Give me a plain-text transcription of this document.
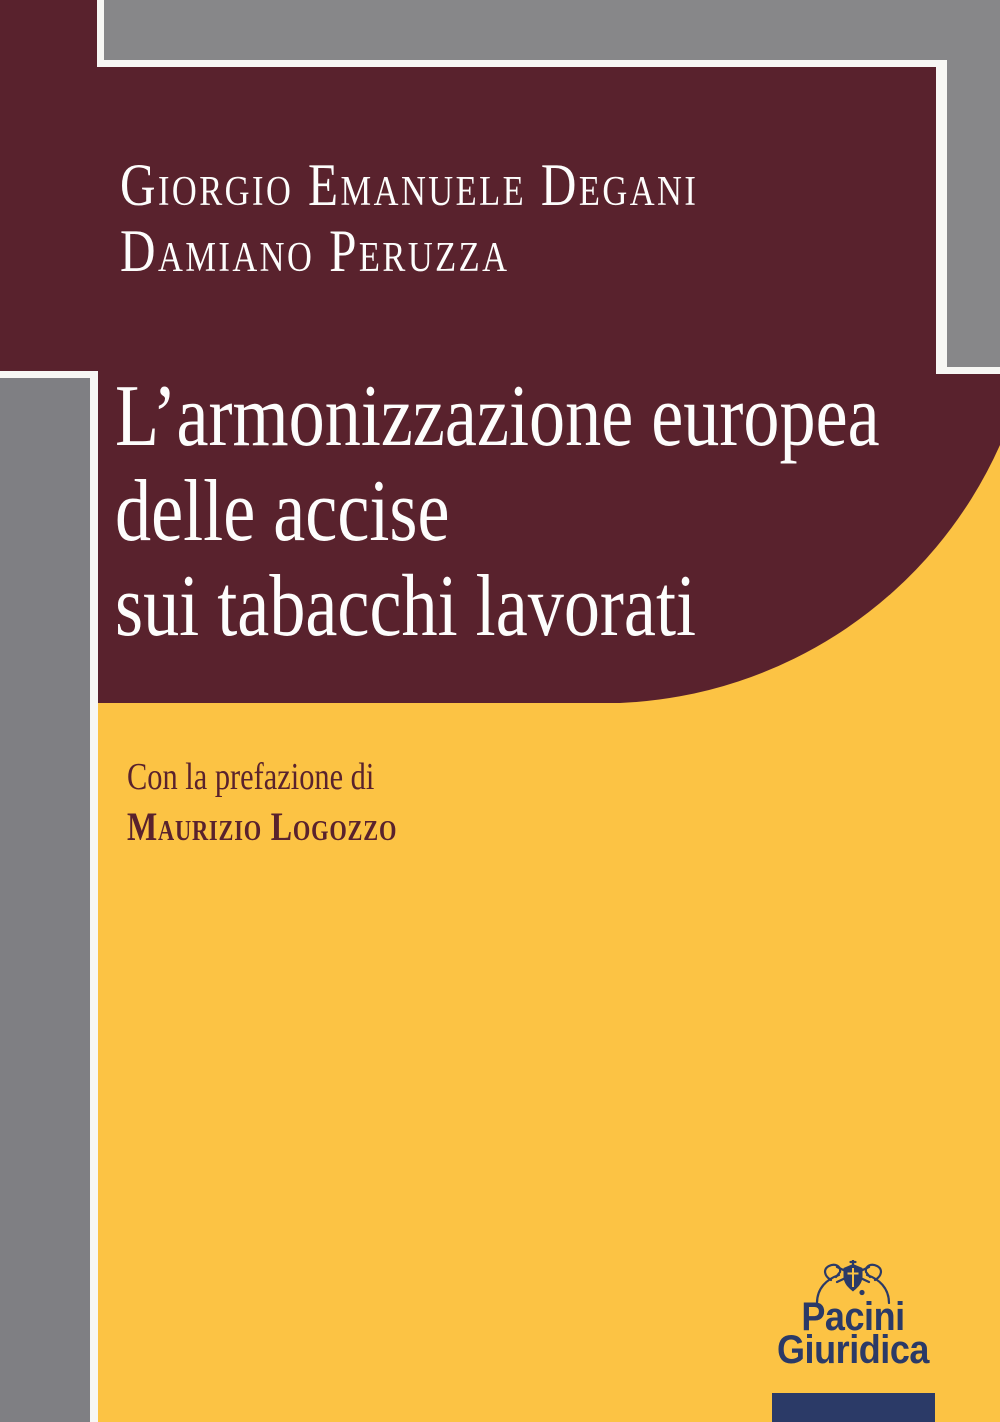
Giorgio Emanuele Degani
Damiano Peruzza
L’armonizzazione europea
delle accise
sui tabacchi lavorati
Con la prefazione di
Maurizio Logozzo
Pacini
Giuridica
